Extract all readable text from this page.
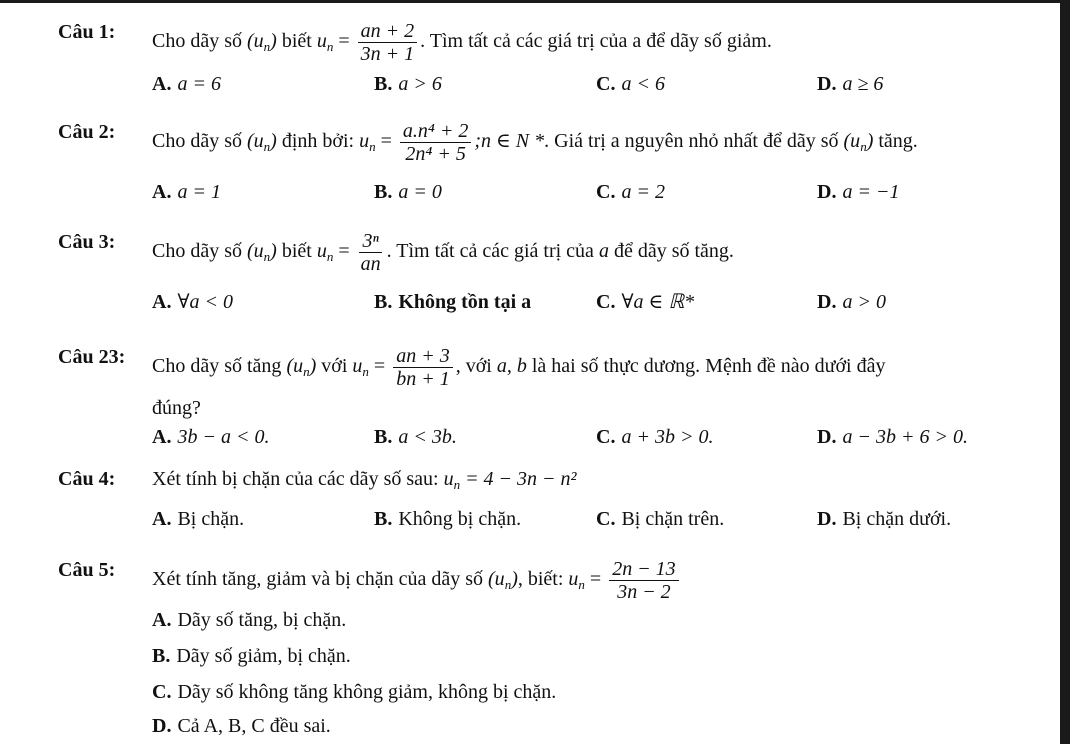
Câu 1: Cho dãy số $(u_n)$ biết $u_n = \frac{an + 2}{3n + 1}$ . Tìm tất cả các giá trị của a để dãy số giảm.
A. a = 6	B. a > 6	C. a < 6	D. a ≥ 6
Câu 2: Cho dãy số $(u_n)$ định bởi: $u_n = \frac{\text{a.n⁴ + 2}}{\text{2n⁴ + 5}}$ ;n ∈ N *. Giá trị a nguyên nhỏ nhất để dãy số $(u_n)$ tăng.
A. a = 1	B. a = 0	C. a = 2	D. a = −1
Câu 3: Cho dãy số $(u_n)$ biết $u_n = \frac{\text{3ⁿ}}{an}$ . Tìm tất cả các giá trị của a để dãy số tăng.
A. ∀a < 0	B. Không tồn tại a	C. ∀a ∈ ℝ*	D. a > 0
Câu 23: Cho dãy số tăng $(u_n)$ với $u_n = \frac{an + 3}{bn + 1}$ , với a, b là hai số thực dương. Mệnh đề nào dưới đây
đúng?
A. 3b − a < 0.	B. a < 3b.	C. a + 3b > 0.	D. a − 3b + 6 > 0.
Câu 4: Xét tính bị chặn của các dãy số sau: $u_n = 4 - 3n - n^2$
A. Bị chặn.	B. Không bị chặn.	C. Bị chặn trên.	D. Bị chặn dưới.
Câu 5: Xét tính tăng, giảm và bị chặn của dãy số $(u_n)$, biết: $u_n = \frac{2n - 13}{3n - 2}$
A. Dãy số tăng, bị chặn.
B. Dãy số giảm, bị chặn.
C. Dãy số không tăng không giảm, không bị chặn.
D. Cả A, B, C đều sai.
